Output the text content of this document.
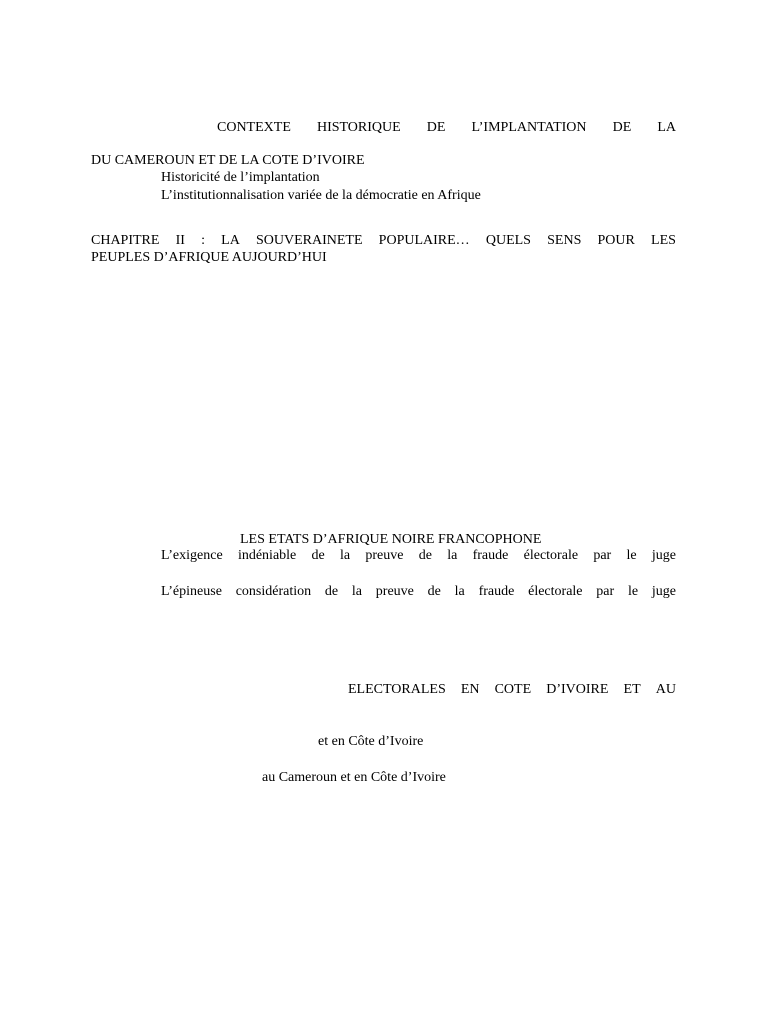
CONTEXTE HISTORIQUE DE L’IMPLANTATION DE LA
DU CAMEROUN ET DE LA COTE D’IVOIRE
Historicité de l’implantation
L’institutionnalisation variée de la démocratie en Afrique
CHAPITRE II : LA SOUVERAINETE POPULAIRE… QUELS SENS POUR LES
PEUPLES D’AFRIQUE AUJOURD’HUI
LES ETATS D’AFRIQUE NOIRE FRANCOPHONE
L’exigence indéniable de la preuve de la fraude électorale par le juge
L’épineuse considération de la preuve de la fraude électorale par le juge
ELECTORALES EN COTE D’IVOIRE ET AU
et en Côte d’Ivoire
au Cameroun et en Côte d’Ivoire
